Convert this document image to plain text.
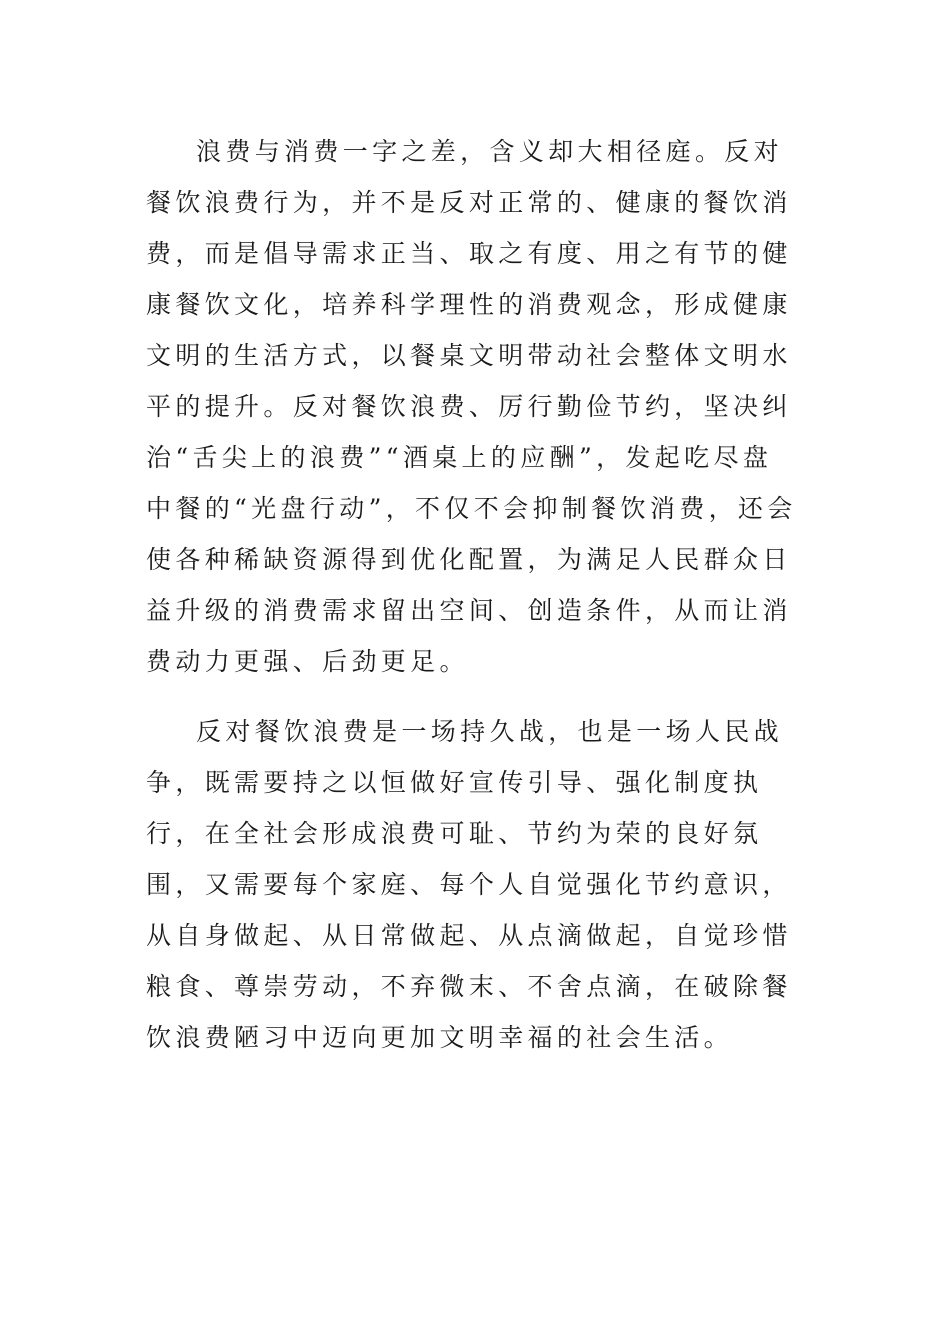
浪费与消费一字之差，含义却大相径庭。反对餐饮浪费行为，并不是反对正常的、健康的餐饮消费，而是倡导需求正当、取之有度、用之有节的健康餐饮文化，培养科学理性的消费观念，形成健康文明的生活方式，以餐桌文明带动社会整体文明水平的提升。反对餐饮浪费、厉行勤俭节约，坚决纠治“舌尖上的浪费”“酒桌上的应酬”，发起吃尽盘中餐的“光盘行动”，不仅不会抑制餐饮消费，还会使各种稀缺资源得到优化配置，为满足人民群众日益升级的消费需求留出空间、创造条件，从而让消费动力更强、后劲更足。

反对餐饮浪费是一场持久战，也是一场人民战争，既需要持之以恒做好宣传引导、强化制度执行，在全社会形成浪费可耻、节约为荣的良好氛围，又需要每个家庭、每个人自觉强化节约意识，从自身做起、从日常做起、从点滴做起，自觉珍惜粮食、尊崇劳动，不弃微末、不舍点滴，在破除餐饮浪费陋习中迈向更加文明幸福的社会生活。
